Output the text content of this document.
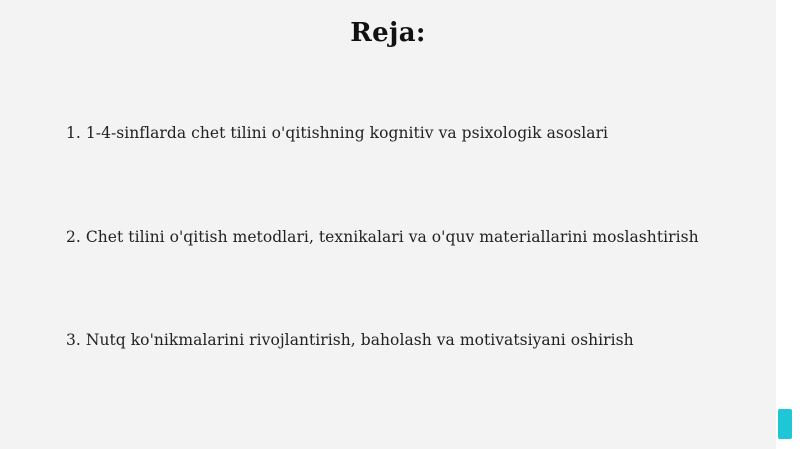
Reja:
1. 1-4-sinflarda chet tilini o'qitishning kognitiv va psixologik asoslari
2. Chet tilini o'qitish metodlari, texnikalari va o'quv materiallarini moslashtirish
3. Nutq ko'nikmalarini rivojlantirish, baholash va motivatsiyani oshirish
